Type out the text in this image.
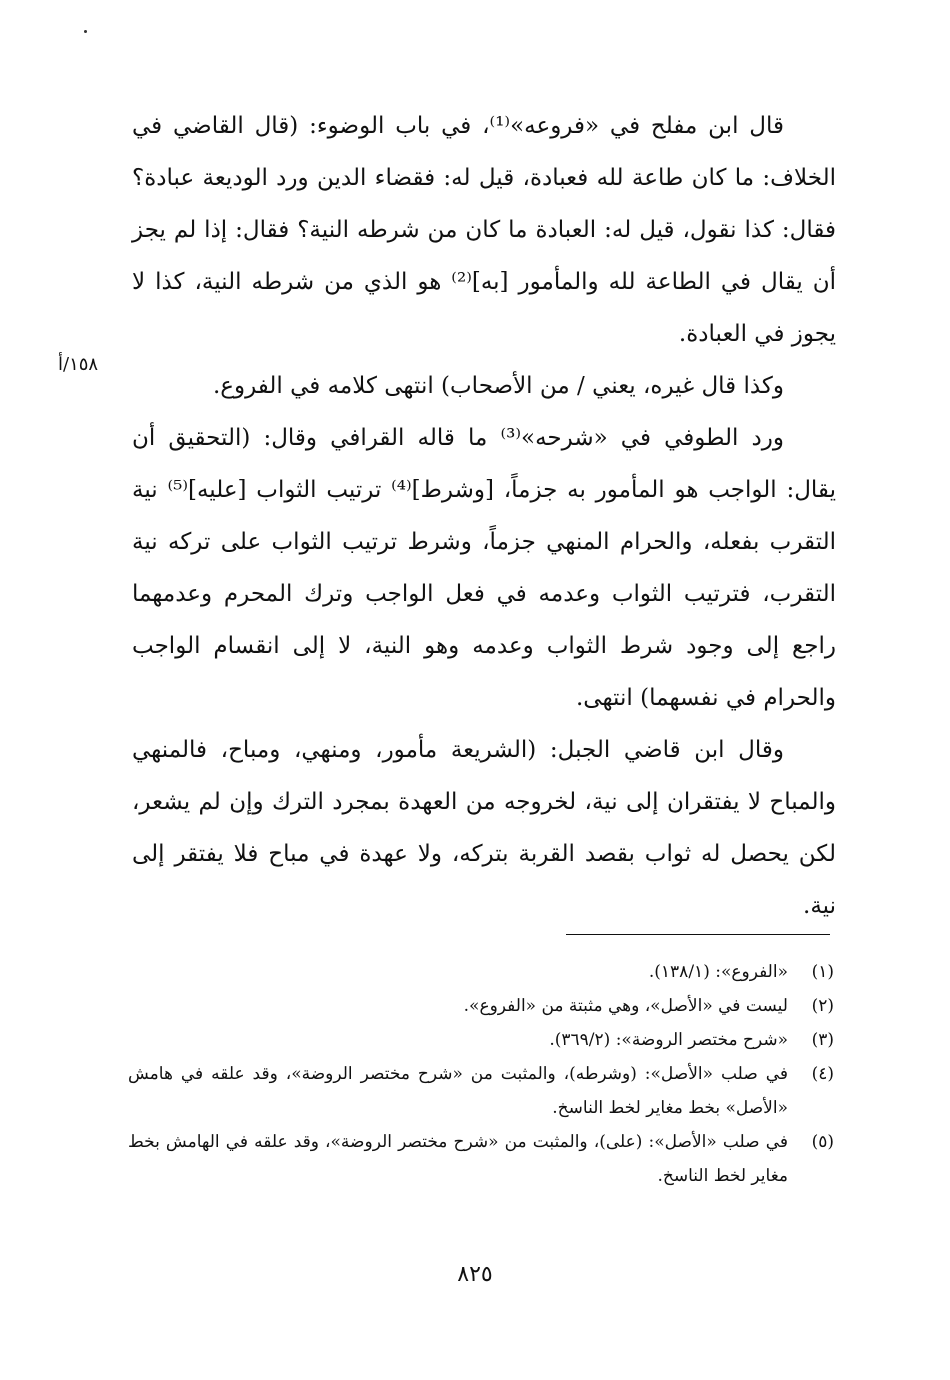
قال ابن مفلح في «فروعه»⁽¹⁾، في باب الوضوء: (قال القاضي في الخلاف: ما كان طاعة لله فعبادة، قيل له: فقضاء الدين ورد الوديعة عبادة؟ فقال: كذا نقول، قيل له: العبادة ما كان من شرطه النية؟ فقال: إذا لم يجز أن يقال في الطاعة لله والمأمور [به]⁽²⁾ هو الذي من شرطه النية، كذا لا يجوز في العبادة.

وكذا قال غيره، يعني / من الأصحاب) انتهى كلامه في الفروع.

ورد الطوفي في «شرحه»⁽³⁾ ما قاله القرافي وقال: (التحقيق أن يقال: الواجب هو المأمور به جزماً، [وشرط]⁽⁴⁾ ترتيب الثواب [عليه]⁽⁵⁾ نية التقرب بفعله، والحرام المنهي جزماً، وشرط ترتيب الثواب على تركه نية التقرب، فترتيب الثواب وعدمه في فعل الواجب وترك المحرم وعدمهما راجع إلى وجود شرط الثواب وعدمه وهو النية، لا إلى انقسام الواجب والحرام في نفسهما) انتهى.

وقال ابن قاضي الجبل: (الشريعة مأمور، ومنهي، ومباح، فالمنهي والمباح لا يفتقران إلى نية، لخروجه من العهدة بمجرد الترك وإن لم يشعر، لكن يحصل له ثواب بقصد القربة بتركه، ولا عهدة في مباح فلا يفتقر إلى نية.

١٥٨/أ
(١)
«الفروع»: (١٣٨/١).
(٢)
ليست في «الأصل»، وهي مثبتة من «الفروع».
(٣)
«شرح مختصر الروضة»: (٣٦٩/٢).
(٤)
في صلب «الأصل»: (وشرطه)، والمثبت من «شرح مختصر الروضة»، وقد علقه في هامش «الأصل» بخط مغاير لخط الناسخ.
(٥)
في صلب «الأصل»: (على)، والمثبت من «شرح مختصر الروضة»، وقد علقه في الهامش بخط مغاير لخط الناسخ.
٨٢٥
